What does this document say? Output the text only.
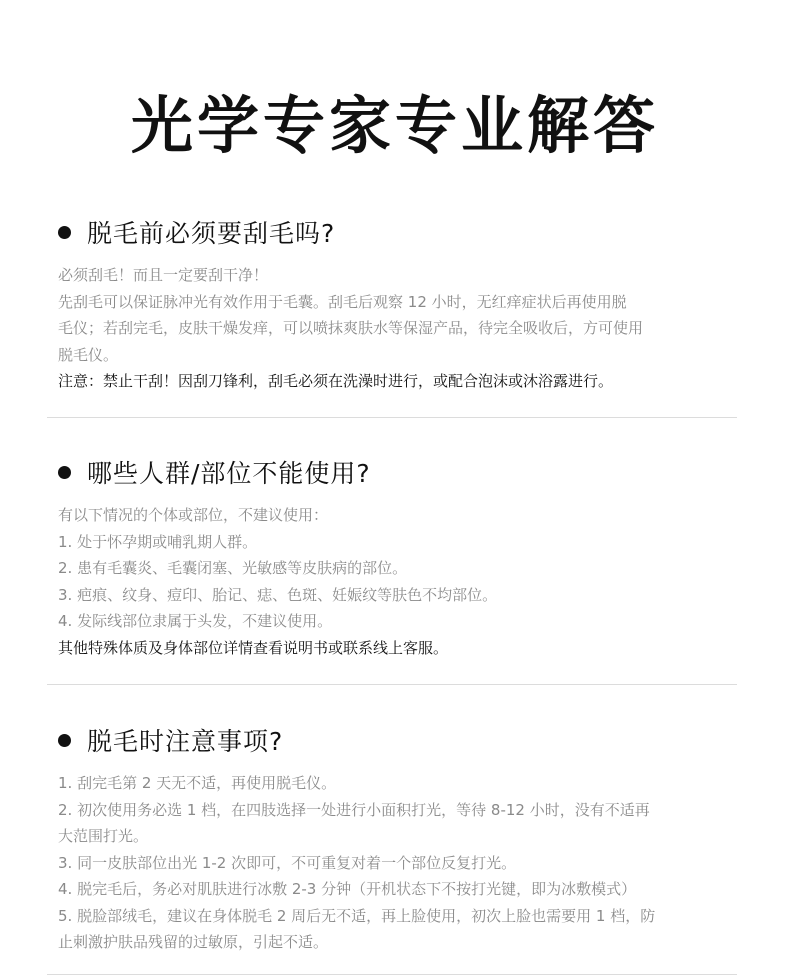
光学专家专业解答
脱毛前必须要刮毛吗?
必须刮毛！而且一定要刮干净！
先刮毛可以保证脉冲光有效作用于毛囊。刮毛后观察 12 小时，无红痒症状后再使用脱
毛仪；若刮完毛，皮肤干燥发痒，可以喷抹爽肤水等保湿产品，待完全吸收后，方可使用
脱毛仪。
注意：禁止干刮！因刮刀锋利，刮毛必须在洗澡时进行，或配合泡沫或沐浴露进行。
哪些人群/部位不能使用?
有以下情况的个体或部位，不建议使用：
1. 处于怀孕期或哺乳期人群。
2. 患有毛囊炎、毛囊闭塞、光敏感等皮肤病的部位。
3. 疤痕、纹身、痘印、胎记、痣、色斑、妊娠纹等肤色不均部位。
4. 发际线部位隶属于头发，不建议使用。
其他特殊体质及身体部位详情查看说明书或联系线上客服。
脱毛时注意事项?
1. 刮完毛第 2 天无不适，再使用脱毛仪。
2. 初次使用务必选 1 档，在四肢选择一处进行小面积打光，等待 8-12 小时，没有不适再
大范围打光。
3. 同一皮肤部位出光 1-2 次即可，不可重复对着一个部位反复打光。
4. 脱完毛后，务必对肌肤进行冰敷 2-3 分钟（开机状态下不按打光键，即为冰敷模式）
5. 脱脸部绒毛，建议在身体脱毛 2 周后无不适，再上脸使用，初次上脸也需要用 1 档，防
止刺激护肤品残留的过敏原，引起不适。
